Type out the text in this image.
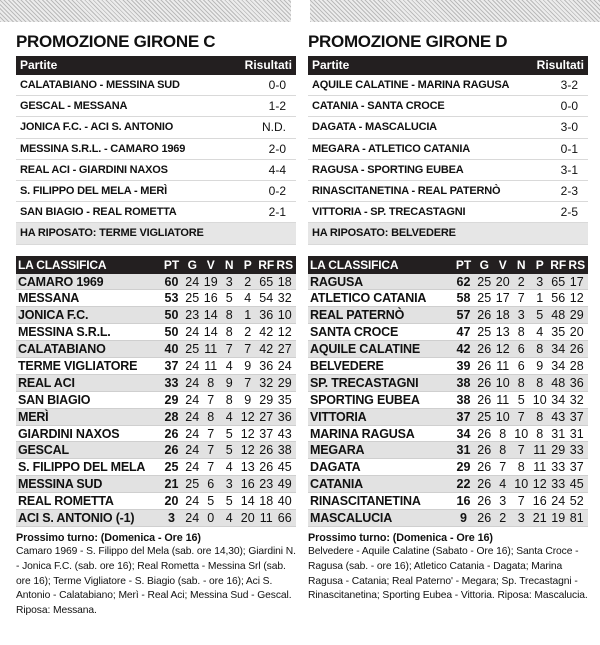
PROMOZIONE GIRONE C
Partite	Risultati
CALATABIANO - MESSINA SUD	0-0
GESCAL - MESSANA	1-2
JONICA F.C. - ACI S. ANTONIO	N.D.
MESSINA S.R.L. - CAMARO 1969	2-0
REAL ACI - GIARDINI NAXOS	4-4
S. FILIPPO DEL MELA - MERÌ	0-2
SAN BIAGIO - REAL ROMETTA	2-1
HA RIPOSATO: TERME VIGLIATORE
LA CLASSIFICA	PT G V N P RF RS
CAMARO 1969	60 24 19 3 2 65 18
MESSANA	53 25 16 5 4 54 32
JONICA F.C.	50 23 14 8 1 36 10
MESSINA S.R.L.	50 24 14 8 2 42 12
CALATABIANO	40 25 11 7 7 42 27
TERME VIGLIATORE	37 24 11 4 9 36 24
REAL ACI	33 24 8 9 7 32 29
SAN BIAGIO	29 24 7 8 9 29 35
MERÌ	28 24 8 4 12 27 36
GIARDINI NAXOS	26 24 7 5 12 37 43
GESCAL	26 24 7 5 12 26 38
S. FILIPPO DEL MELA	25 24 7 4 13 26 45
MESSINA SUD	21 25 6 3 16 23 49
REAL ROMETTA	20 24 5 5 14 18 40
ACI S. ANTONIO (-1)	3 24 0 4 20 11 66
Prossimo turno: (Domenica - Ore 16)
Camaro 1969 - S. Filippo del Mela (sab. ore 14,30); Giardini N. - Jonica F.C. (sab. ore 16); Real Rometta - Messina Srl (sab. ore 16); Terme Vigliatore - S. Biagio (sab. - ore 16); Aci S. Antonio - Calatabiano; Merì - Real Aci; Messina Sud - Gescal. Riposa: Messana.
PROMOZIONE GIRONE D
Partite	Risultati
AQUILE CALATINE - MARINA RAGUSA	3-2
CATANIA - SANTA CROCE	0-0
DAGATA - MASCALUCIA	3-0
MEGARA - ATLETICO CATANIA	0-1
RAGUSA - SPORTING EUBEA	3-1
RINASCITANETINA - REAL PATERNÒ	2-3
VITTORIA - SP. TRECASTAGNI	2-5
HA RIPOSATO: BELVEDERE
LA CLASSIFICA	PT G V N P RF RS
RAGUSA	62 25 20 2 3 65 17
ATLETICO CATANIA	58 25 17 7 1 56 12
REAL PATERNÒ	57 26 18 3 5 48 29
SANTA CROCE	47 25 13 8 4 35 20
AQUILE CALATINE	42 26 12 6 8 34 26
BELVEDERE	39 26 11 6 9 34 28
SP. TRECASTAGNI	38 26 10 8 8 48 36
SPORTING EUBEA	38 26 11 5 10 34 32
VITTORIA	37 25 10 7 8 43 37
MARINA RAGUSA	34 26 8 10 8 31 31
MEGARA	31 26 8 7 11 29 33
DAGATA	29 26 7 8 11 33 37
CATANIA	22 26 4 10 12 33 45
RINASCITANETINA	16 26 3 7 16 24 52
MASCALUCIA	9 26 2 3 21 19 81
Prossimo turno: (Domenica - Ore 16)
Belvedere - Aquile Calatine (Sabato - Ore 16); Santa Croce - Ragusa (sab. - ore 16); Atletico Catania - Dagata; Marina Ragusa - Catania; Real Paterno' - Megara; Sp. Trecastagni - Rinascitanetina; Sporting Eubea - Vittoria. Riposa: Mascalucia.
